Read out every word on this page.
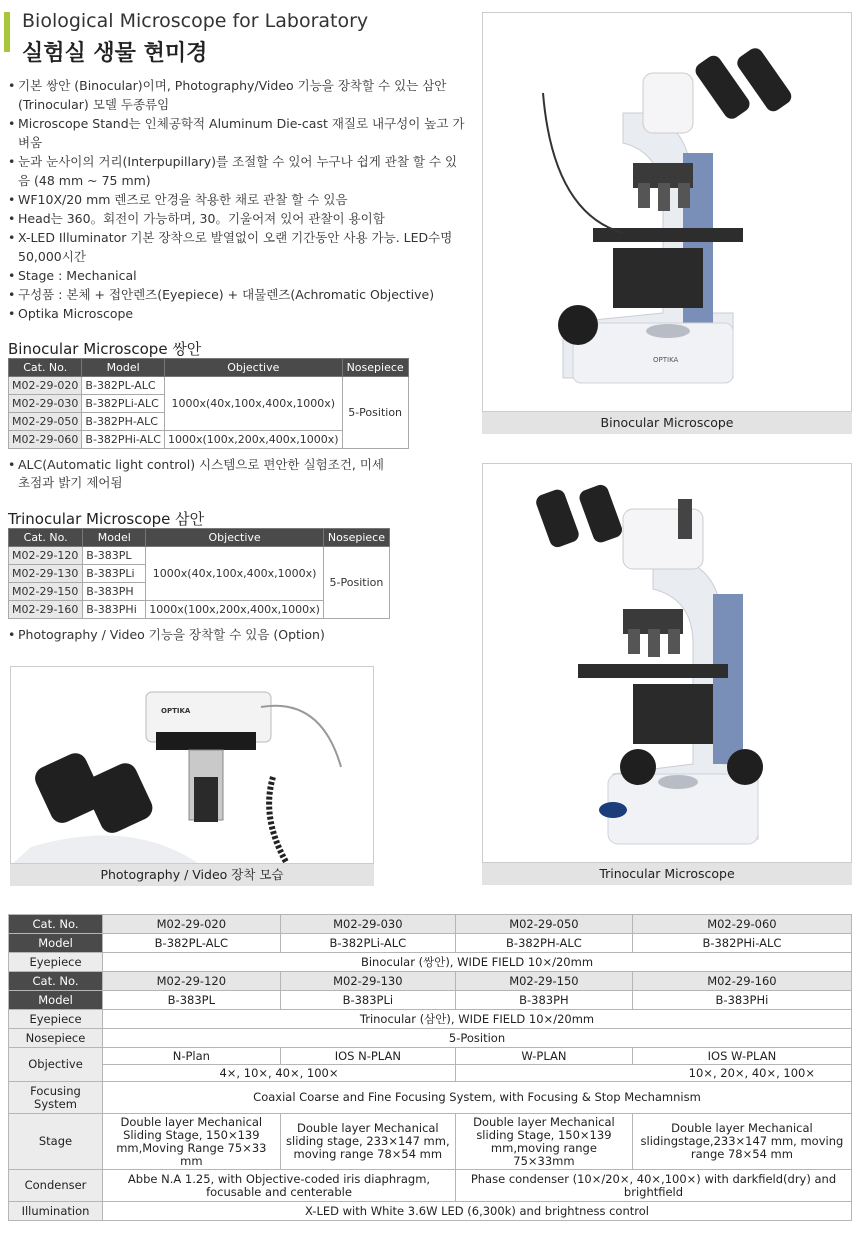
Biological Microscope for Laboratory
실험실 생물 현미경
• 기본 쌍안 (Binocular)이며, Photography/Video 기능을 장착할 수 있는 삼안(Trinocular) 모델 두종류임
• Microscope Stand는 인체공학적 Aluminum Die-cast 재질로 내구성이 높고 가벼움
• 눈과 눈사이의 거리(Interpupillary)를 조절할 수 있어 누구나 쉽게 관찰 할 수 있음 (48 mm ~ 75 mm)
• WF10X/20 mm 렌즈로 안경을 착용한 채로 관찰 할 수 있음
• Head는 360。회전이 가능하며, 30。기울어져 있어 관찰이 용이함
• X-LED Illuminator 기본 장착으로 발열없이 오랜 기간동안 사용 가능. LED수명 50,000시간
• Stage : Mechanical
• 구성품 : 본체 + 접안렌즈(Eyepiece) + 대물렌즈(Achromatic Objective)
• Optika Microscope
Binocular Microscope 쌍안
Cat. No.	Model	Objective	Nosepiece
M02-29-020	B-382PL-ALC	1000x(40x,100x,400x,1000x)	5-Position
M02-29-030	B-382PLi-ALC		
M02-29-050	B-382PH-ALC		
M02-29-060	B-382PHi-ALC	1000x(100x,200x,400x,1000x)	
• ALC(Automatic light control) 시스템으로 편안한 실험조건, 미세 초점과 밝기 제어됨
Trinocular Microscope 삼안
Cat. No.	Model	Objective	Nosepiece
M02-29-120	B-383PL	1000x(40x,100x,400x,1000x)	5-Position
M02-29-130	B-383PLi		
M02-29-150	B-383PH		
M02-29-160	B-383PHi	1000x(100x,200x,400x,1000x)	
• Photography / Video 기능을 장착할 수 있음 (Option)
OPTIKA
Binocular Microscope
Trinocular Microscope
OPTIKA
Photography / Video 장착 모습
Cat. No.	M02-29-020	M02-29-030	M02-29-050	M02-29-060
Model	B-382PL-ALC	B-382PLi-ALC	B-382PH-ALC	B-382PHi-ALC
Eyepiece	Binocular (쌍안), WIDE FIELD 10×/20mm			
Cat. No.	M02-29-120	M02-29-130	M02-29-150	M02-29-160
Model	B-383PL	B-383PLi	B-383PH	B-383PHi
Eyepiece	Trinocular (삼안), WIDE FIELD 10×/20mm			
Nosepiece	5-Position			
Objective	N-Plan	IOS N-PLAN	W-PLAN	IOS W-PLAN
	4×, 10×, 40×, 100×		10×, 20×, 40×, 100×	
Focusing System	Coaxial Coarse and Fine Focusing System, with Focusing & Stop Mechamnism			
Stage	Double layer Mechanical Sliding Stage, 150×139 mm,Moving Range 75×33 mm	Double layer Mechanical sliding stage, 233×147 mm, moving range 78×54 mm	Double layer Mechanical sliding Stage, 150×139 mm,moving range 75×33mm	Double layer Mechanical slidingstage,233×147 mm, moving range 78×54 mm
Condenser	Abbe N.A 1.25, with Objective-coded iris diaphragm, focusable and centerable		Phase condenser (10×/20×, 40×,100×) with darkfield(dry) and brightfield	
Illumination	X-LED with White 3.6W LED (6,300k) and brightness control			
